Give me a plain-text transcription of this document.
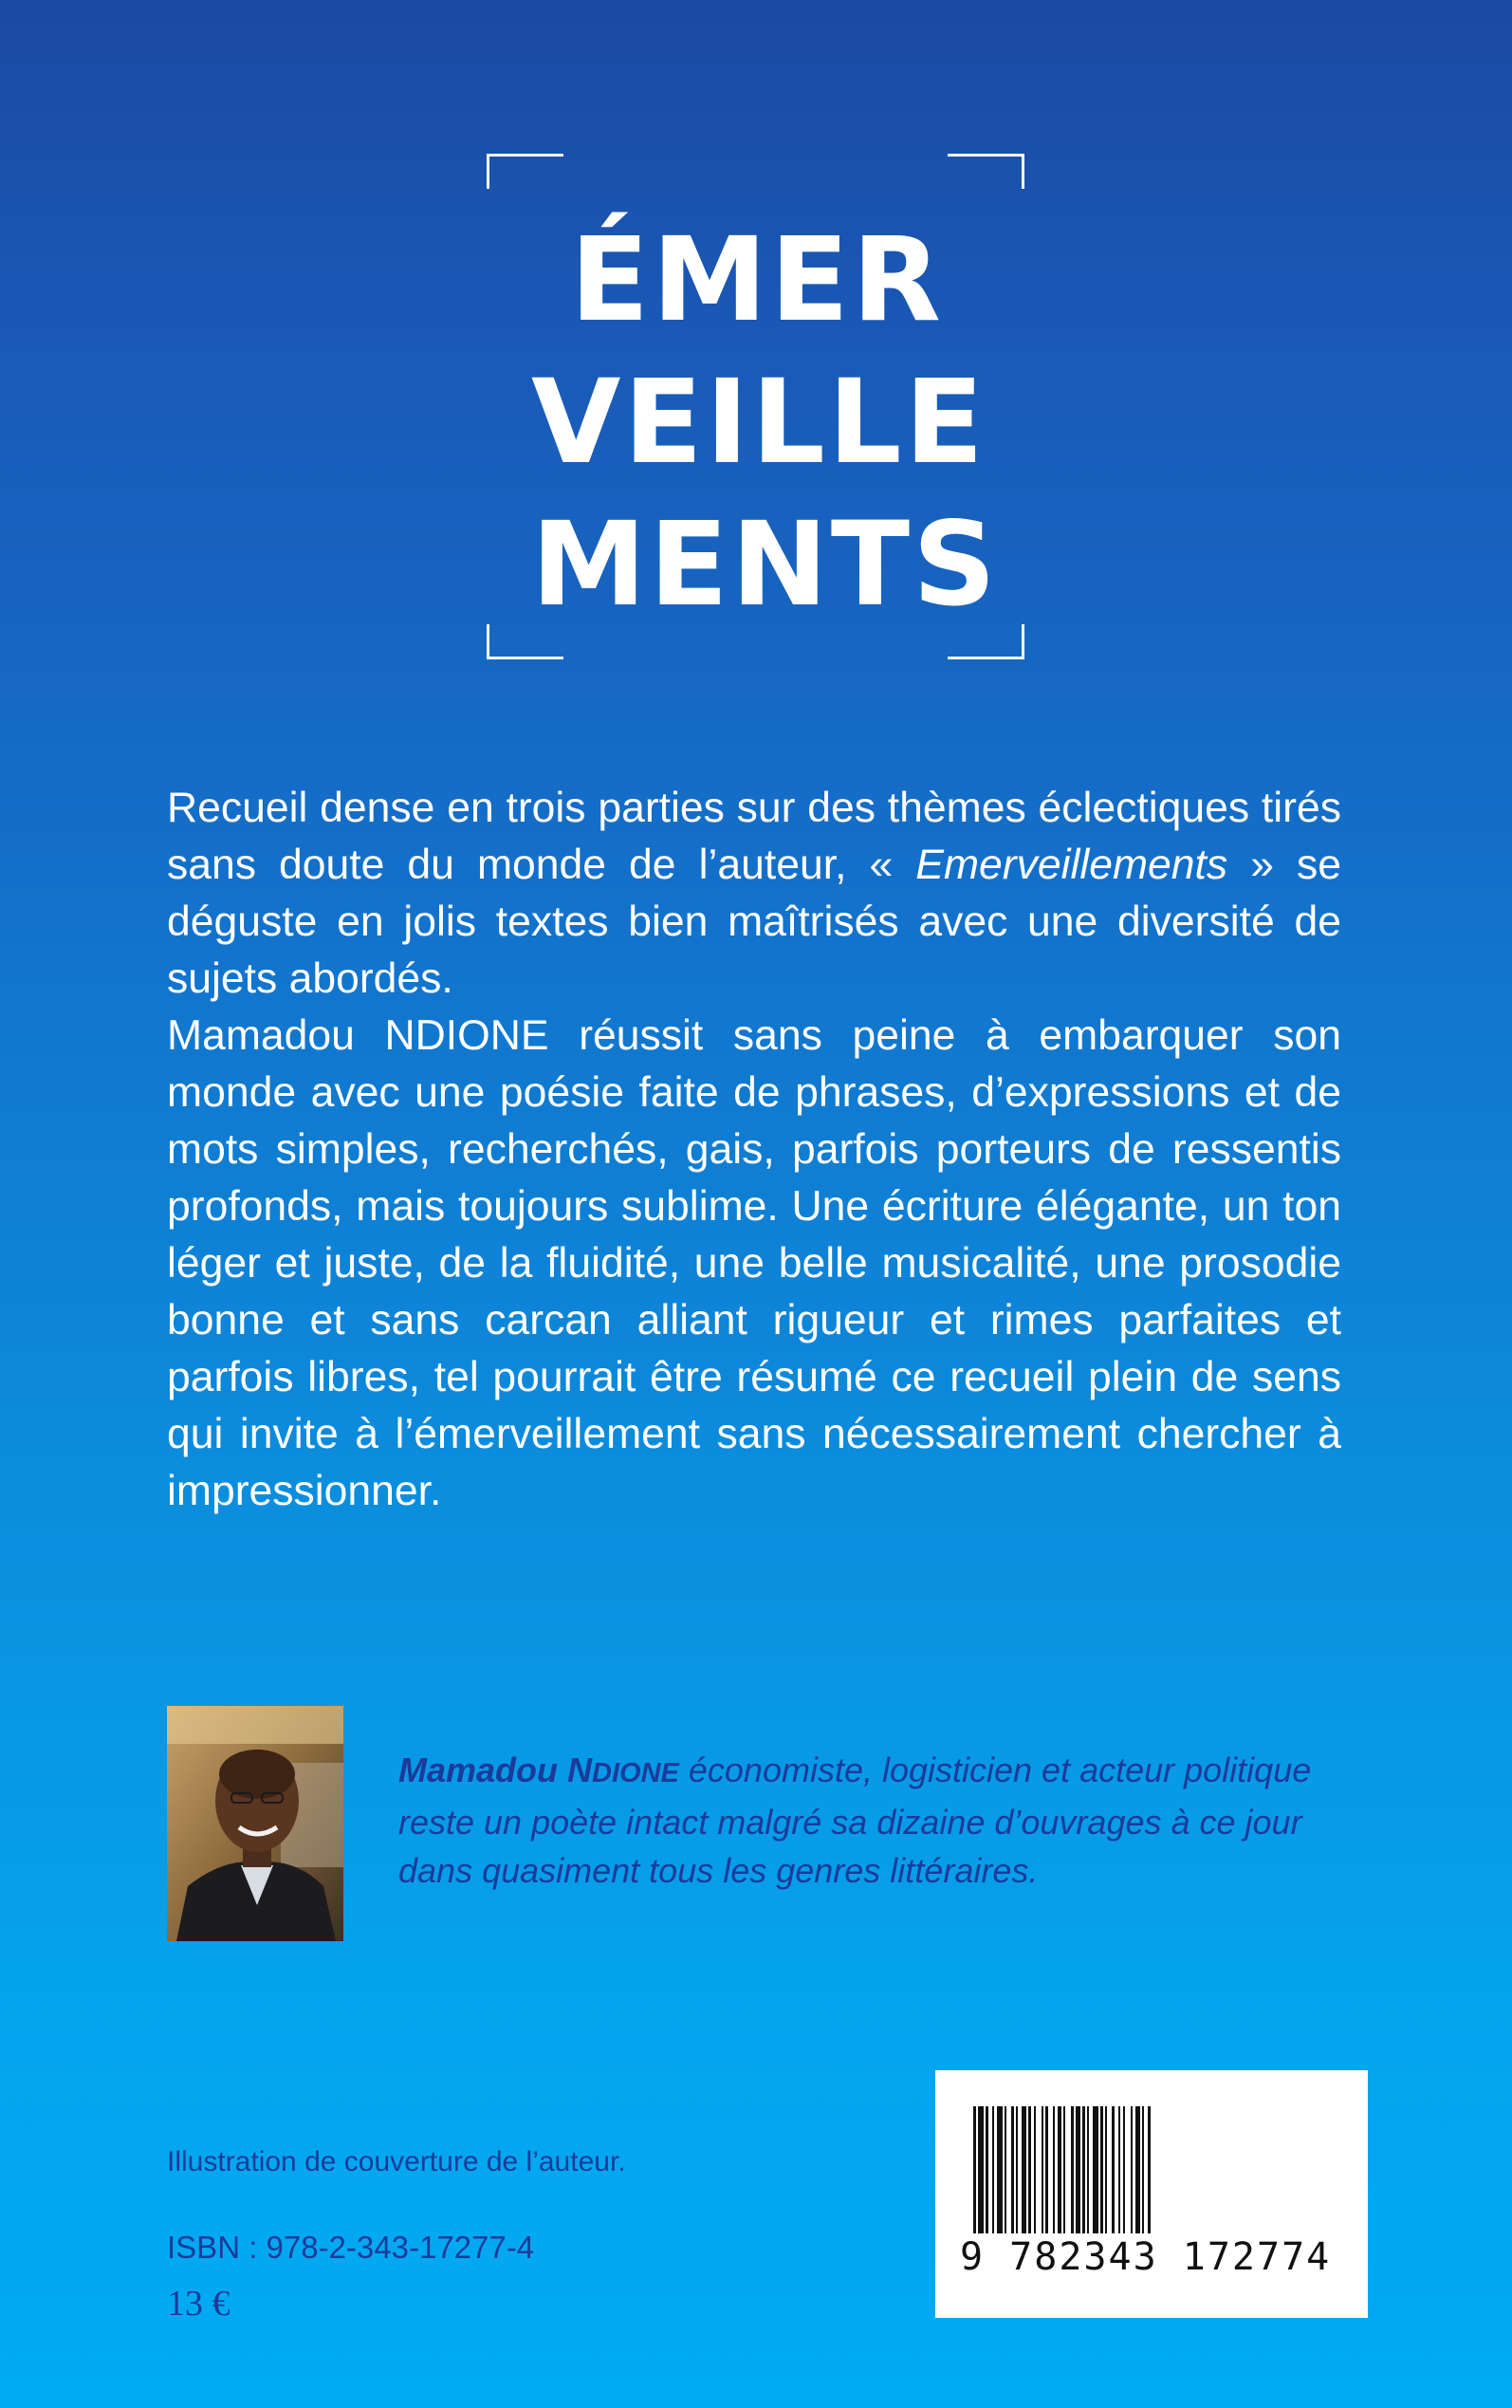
ÉMER
VEILLE
MENTS

Recueil dense en trois parties sur des thèmes éclectiques tirés sans doute du monde de l’auteur, « Emerveillements » se déguste en jolis textes bien maîtrisés avec une diversité de sujets abordés.

Mamadou NDIONE réussit sans peine à embarquer son monde avec une poésie faite de phrases, d’expressions et de mots simples, recherchés, gais, parfois porteurs de ressentis profonds, mais toujours sublime. Une écriture élégante, un ton léger et juste, de la fluidité, une belle musicalité, une prosodie bonne et sans carcan alliant rigueur et rimes parfaites et parfois libres, tel pourrait être résumé ce recueil plein de sens qui invite à l’émerveillement sans nécessairement chercher à impressionner.

Mamadou NDIONE économiste, logisticien et acteur politique reste un poète intact malgré sa dizaine d’ouvrages à ce jour dans quasiment tous les genres littéraires.
Illustration de couverture de l’auteur.
ISBN : 978-2-343-17277-4
13 €
9 782343 172774
